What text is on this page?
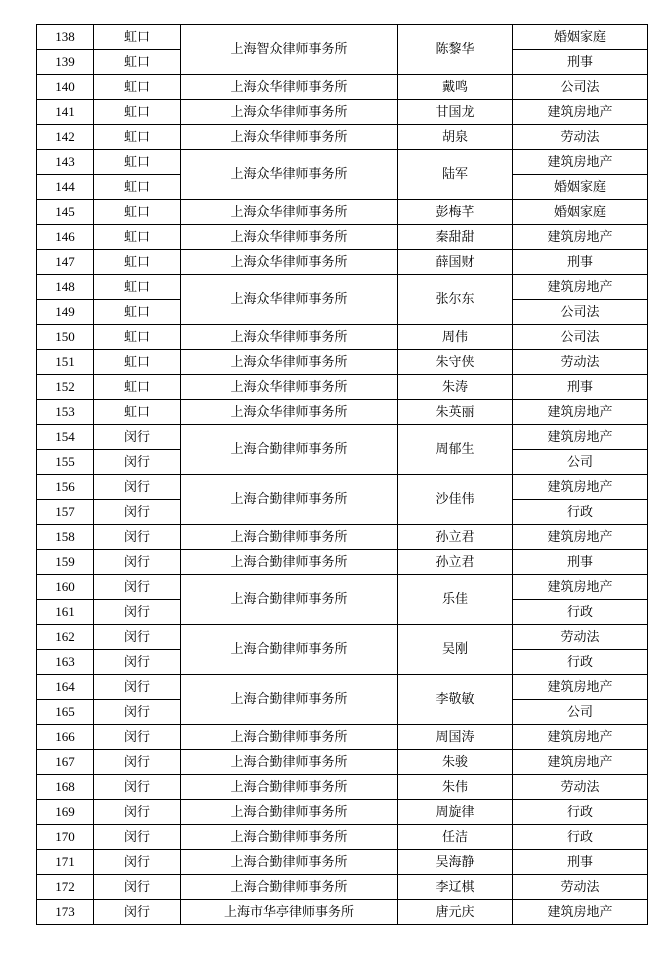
138	虹口	上海智众律师事务所	陈黎华	婚姻家庭
139	虹口			刑事
140	虹口	上海众华律师事务所	戴鸣	公司法
141	虹口	上海众华律师事务所	甘国龙	建筑房地产
142	虹口	上海众华律师事务所	胡泉	劳动法
143	虹口	上海众华律师事务所	陆军	建筑房地产
144	虹口			婚姻家庭
145	虹口	上海众华律师事务所	彭梅芊	婚姻家庭
146	虹口	上海众华律师事务所	秦甜甜	建筑房地产
147	虹口	上海众华律师事务所	薛国财	刑事
148	虹口	上海众华律师事务所	张尔东	建筑房地产
149	虹口			公司法
150	虹口	上海众华律师事务所	周伟	公司法
151	虹口	上海众华律师事务所	朱守侠	劳动法
152	虹口	上海众华律师事务所	朱涛	刑事
153	虹口	上海众华律师事务所	朱英丽	建筑房地产
154	闵行	上海合勤律师事务所	周郁生	建筑房地产
155	闵行			公司
156	闵行	上海合勤律师事务所	沙佳伟	建筑房地产
157	闵行			行政
158	闵行	上海合勤律师事务所	孙立君	建筑房地产
159	闵行	上海合勤律师事务所	孙立君	刑事
160	闵行	上海合勤律师事务所	乐佳	建筑房地产
161	闵行			行政
162	闵行	上海合勤律师事务所	吴刚	劳动法
163	闵行			行政
164	闵行	上海合勤律师事务所	李敬敏	建筑房地产
165	闵行			公司
166	闵行	上海合勤律师事务所	周国涛	建筑房地产
167	闵行	上海合勤律师事务所	朱骏	建筑房地产
168	闵行	上海合勤律师事务所	朱伟	劳动法
169	闵行	上海合勤律师事务所	周旋律	行政
170	闵行	上海合勤律师事务所	任洁	行政
171	闵行	上海合勤律师事务所	吴海静	刑事
172	闵行	上海合勤律师事务所	李辽棋	劳动法
173	闵行	上海市华亭律师事务所	唐元庆	建筑房地产
